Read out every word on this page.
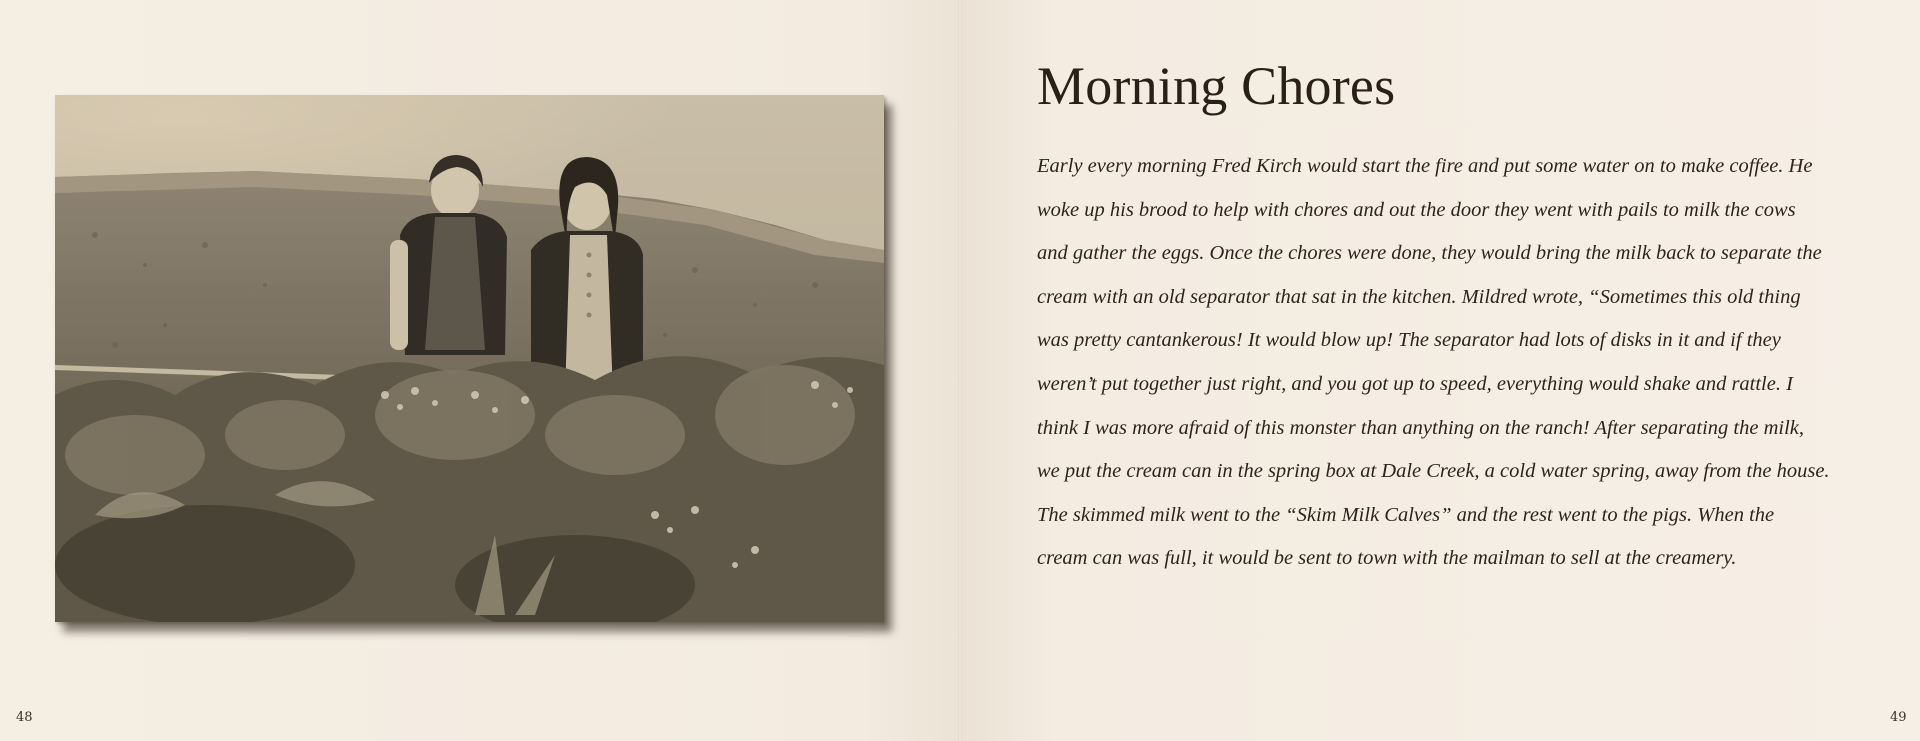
48	49
Morning Chores
Early every morning Fred Kirch would start the fire and put some water on to make coffee. He
woke up his brood to help with chores and out the door they went with pails to milk the cows
and gather the eggs. Once the chores were done, they would bring the milk back to separate the
cream with an old separator that sat in the kitchen. Mildred wrote, “Sometimes this old thing
was pretty cantankerous! It would blow up! The separator had lots of disks in it and if they
weren’t put together just right, and you got up to speed, everything would shake and rattle. I
think I was more afraid of this monster than anything on the ranch! After separating the milk,
we put the cream can in the spring box at Dale Creek, a cold water spring, away from the house.
The skimmed milk went to the “Skim Milk Calves” and the rest went to the pigs. When the
cream can was full, it would be sent to town with the mailman to sell at the creamery.
